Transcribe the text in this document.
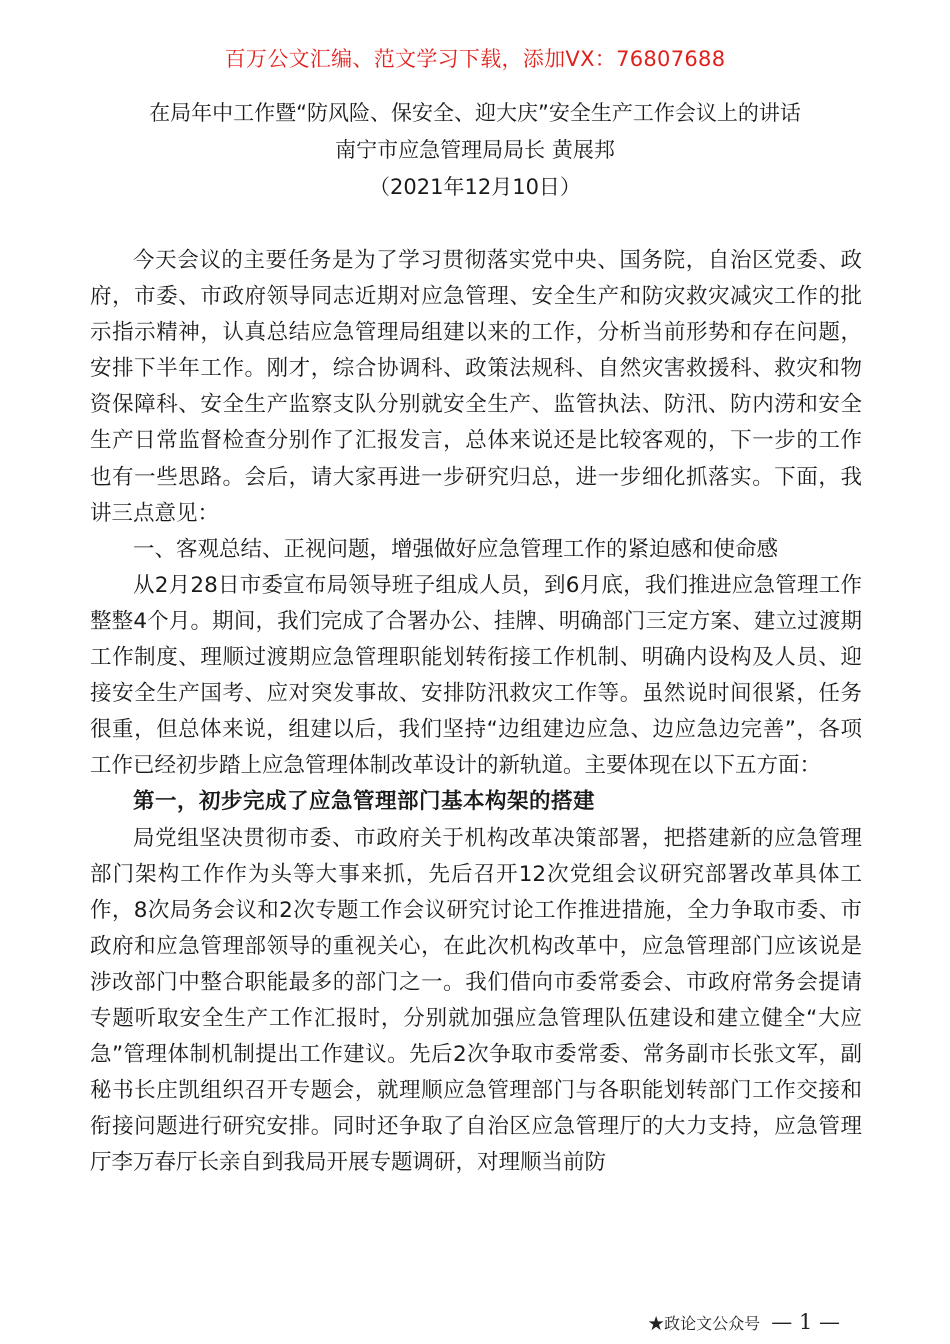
百万公文汇编、范文学习下载，添加VX：76807688
在局年中工作暨“防风险、保安全、迎大庆”安全生产工作会议上的讲话
南宁市应急管理局局长 黄展邦
（2021年12月10日）

今天会议的主要任务是为了学习贯彻落实党中央、国务院，自治区党委、政府，市委、市政府领导同志近期对应急管理、安全生产和防灾救灾减灾工作的批示指示精神，认真总结应急管理局组建以来的工作，分析当前形势和存在问题，安排下半年工作。刚才，综合协调科、政策法规科、自然灾害救援科、救灾和物资保障科、安全生产监察支队分别就安全生产、监管执法、防汛、防内涝和安全生产日常监督检查分别作了汇报发言，总体来说还是比较客观的，下一步的工作也有一些思路。会后，请大家再进一步研究归总，进一步细化抓落实。下面，我讲三点意见：

一、客观总结、正视问题，增强做好应急管理工作的紧迫感和使命感

从2月28日市委宣布局领导班子组成人员，到6月底，我们推进应急管理工作整整4个月。期间，我们完成了合署办公、挂牌、明确部门三定方案、建立过渡期工作制度、理顺过渡期应急管理职能划转衔接工作机制、明确内设构及人员、迎接安全生产国考、应对突发事故、安排防汛救灾工作等。虽然说时间很紧，任务很重，但总体来说，组建以后，我们坚持“边组建边应急、边应急边完善”，各项工作已经初步踏上应急管理体制改革设计的新轨道。主要体现在以下五方面：

第一，初步完成了应急管理部门基本构架的搭建

局党组坚决贯彻市委、市政府关于机构改革决策部署，把搭建新的应急管理部门架构工作作为头等大事来抓，先后召开12次党组会议研究部署改革具体工作，8次局务会议和2次专题工作会议研究讨论工作推进措施，全力争取市委、市政府和应急管理部领导的重视关心，在此次机构改革中，应急管理部门应该说是涉改部门中整合职能最多的部门之一。我们借向市委常委会、市政府常务会提请专题听取安全生产工作汇报时，分别就加强应急管理队伍建设和建立健全“大应急”管理体制机制提出工作建议。先后2次争取市委常委、常务副市长张文军，副秘书长庄凯组织召开专题会，就理顺应急管理部门与各职能划转部门工作交接和衔接问题进行研究安排。同时还争取了自治区应急管理厅的大力支持，应急管理厅李万春厅长亲自到我局开展专题调研，对理顺当前防

★政论文公众号 — 1 —
